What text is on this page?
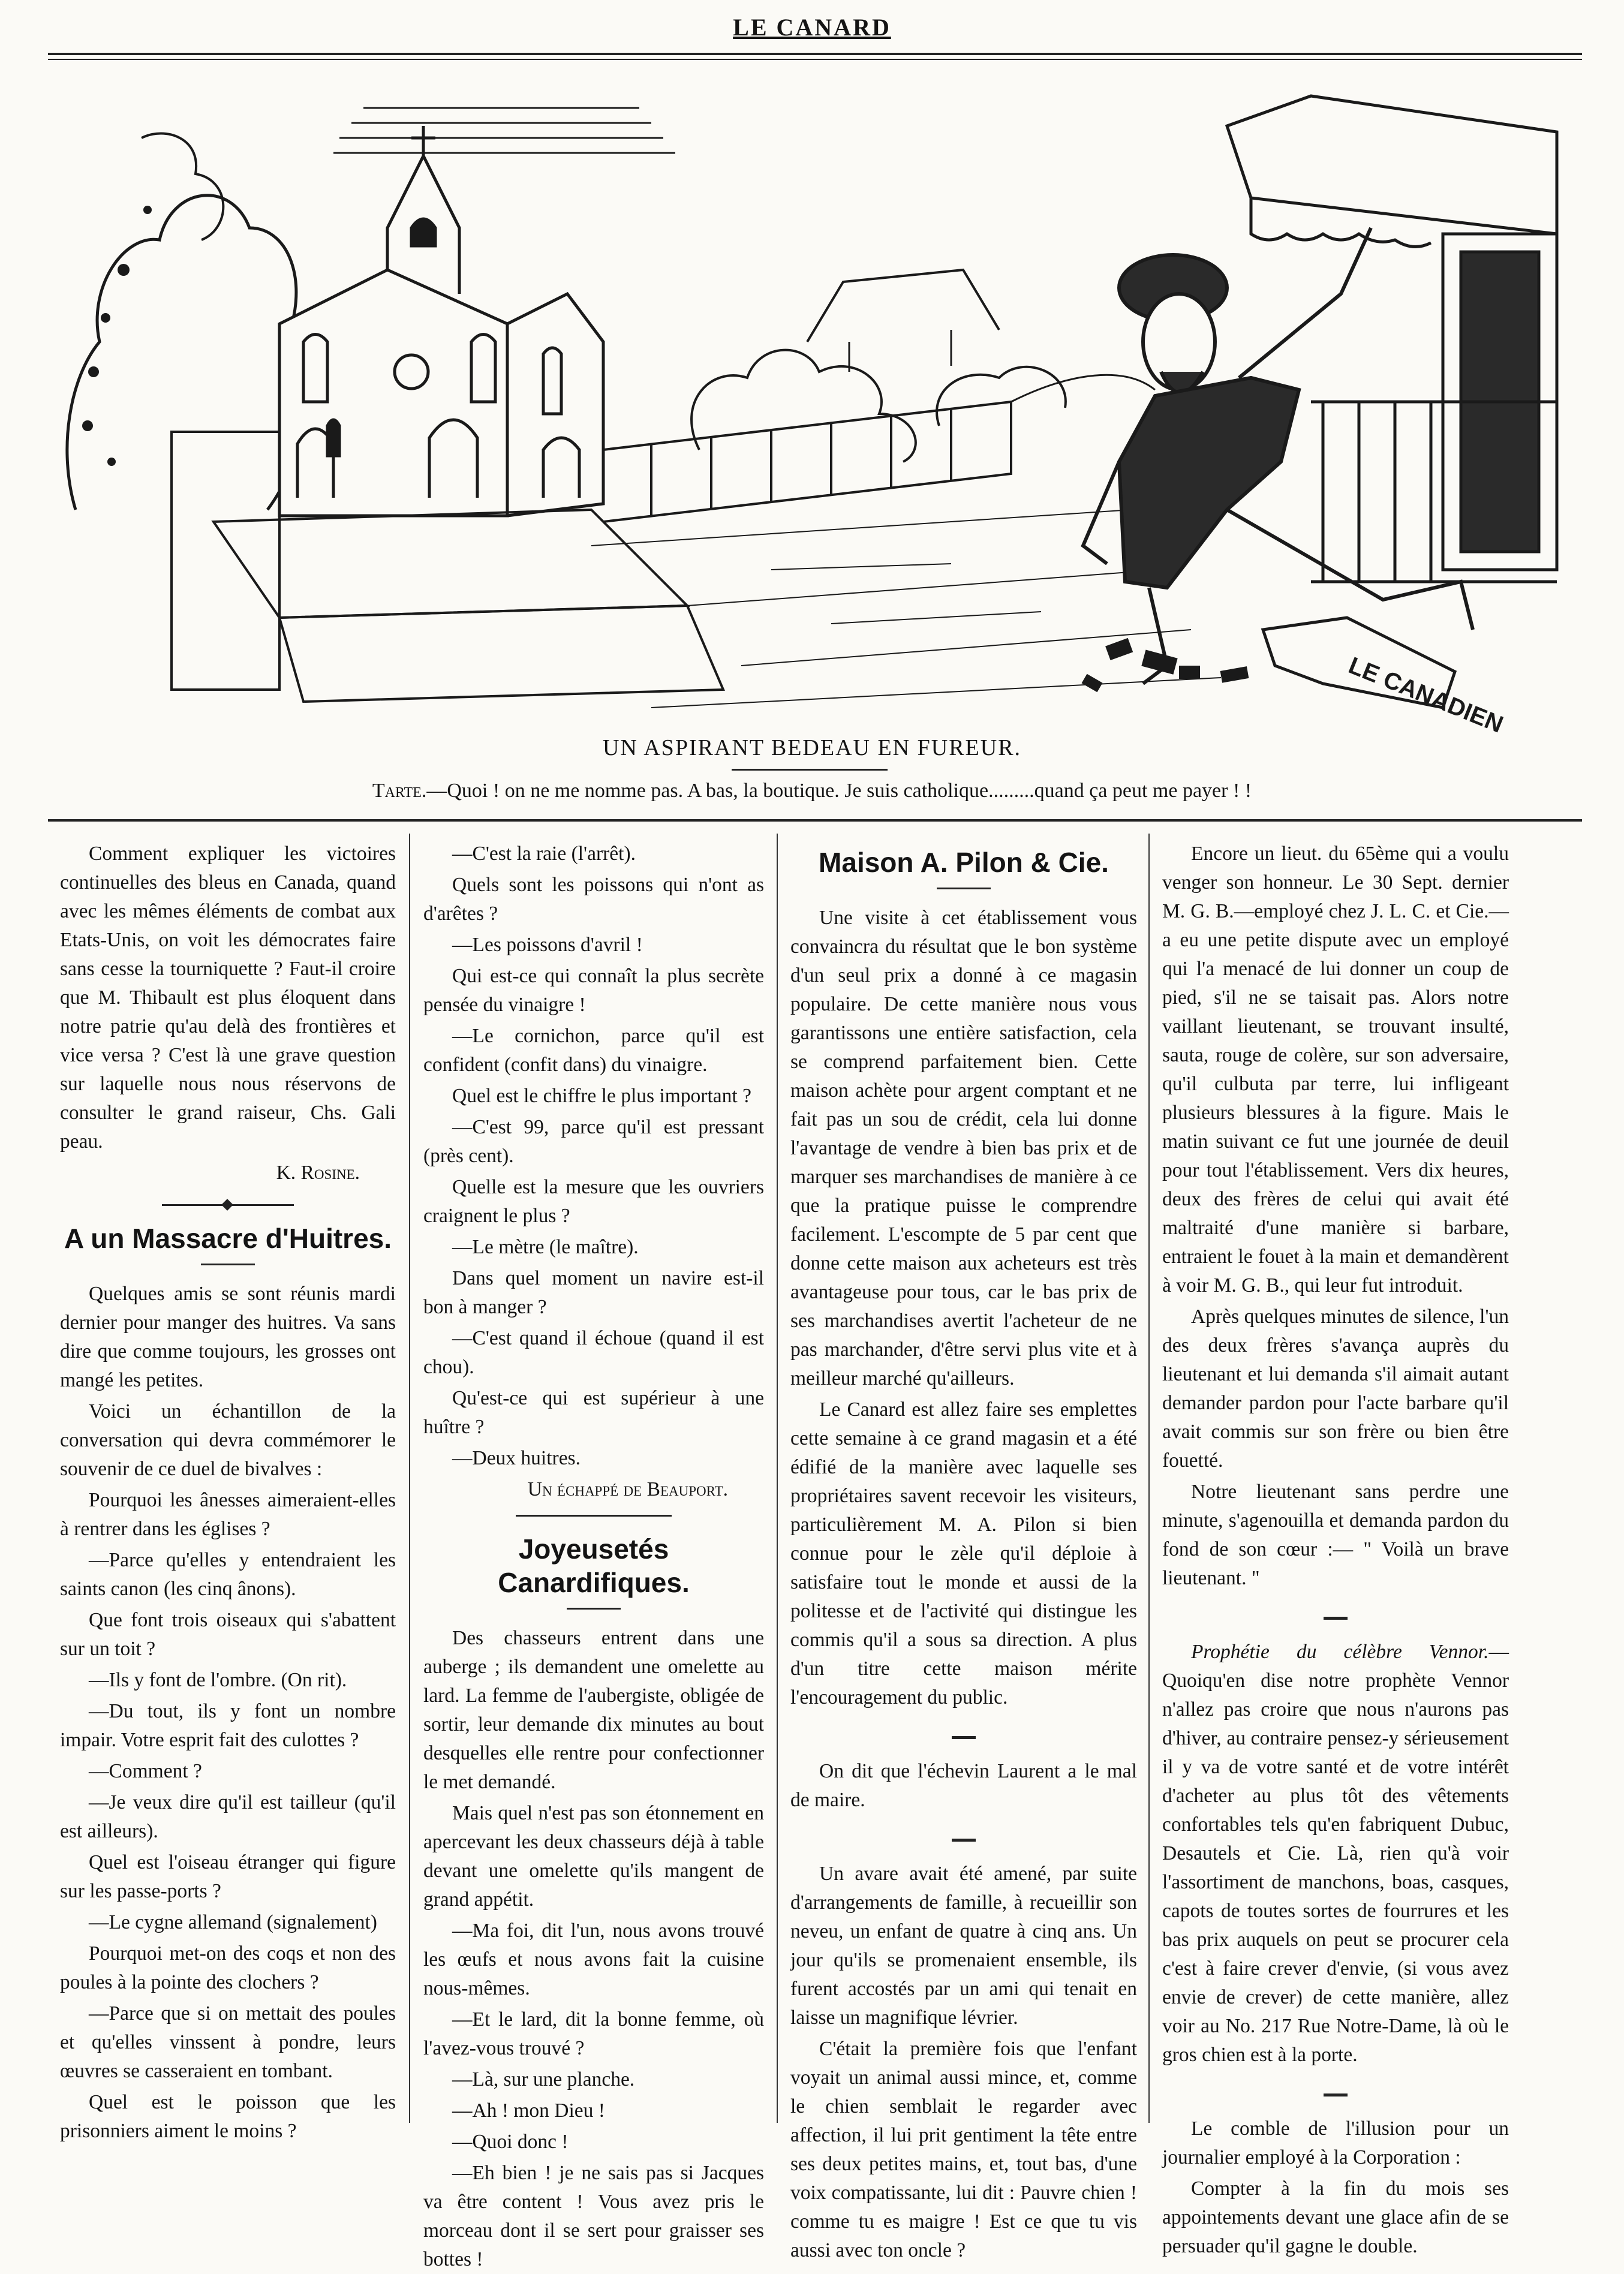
LE CANARD
LE CANADIEN
UN ASPIRANT BEDEAU EN FUREUR.
Tarte.—Quoi ! on ne me nomme pas. A bas, la boutique. Je suis catholique.........quand ça peut me payer ! !

Comment expliquer les victoires continuelles des bleus en Canada, quand avec les mêmes éléments de combat aux Etats-Unis, on voit les démocrates faire sans cesse la tourniquette ? Faut-il croire que M. Thibault est plus éloquent dans notre patrie qu'au delà des frontières et vice versa ? C'est là une grave question sur laquelle nous nous réservons de consulter le grand raiseur, Chs. Gali peau.

K. Rosine.

A un Massacre d'Huitres.

Quelques amis se sont réunis mardi dernier pour manger des huitres. Va sans dire que comme toujours, les grosses ont mangé les petites.

Voici un échantillon de la conversation qui devra commémorer le souvenir de ce duel de bivalves :

Pourquoi les ânesses aimeraient-elles à rentrer dans les églises ?

—Parce qu'elles y entendraient les saints canon (les cinq ânons).

Que font trois oiseaux qui s'abattent sur un toit ?

—Ils y font de l'ombre. (On rit).

—Du tout, ils y font un nombre impair. Votre esprit fait des culottes ?

—Comment ?

—Je veux dire qu'il est tailleur (qu'il est ailleurs).

Quel est l'oiseau étranger qui figure sur les passe-ports ?

—Le cygne allemand (signalement)

Pourquoi met-on des coqs et non des poules à la pointe des clochers ?

—Parce que si on mettait des poules et qu'elles vinssent à pondre, leurs œuvres se casseraient en tombant.

Quel est le poisson que les prisonniers aiment le moins ?

—C'est la raie (l'arrêt).

Quels sont les poissons qui n'ont as d'arêtes ?

—Les poissons d'avril !

Qui est-ce qui connaît la plus secrète pensée du vinaigre !

—Le cornichon, parce qu'il est confident (confit dans) du vinaigre.

Quel est le chiffre le plus important ?

—C'est 99, parce qu'il est pressant (près cent).

Quelle est la mesure que les ouvriers craignent le plus ?

—Le mètre (le maître).

Dans quel moment un navire est-il bon à manger ?

—C'est quand il échoue (quand il est chou).

Qu'est-ce qui est supérieur à une huître ?

—Deux huitres.

Un échappé de Beauport.

Joyeusetés Canardifiques.

Des chasseurs entrent dans une auberge ; ils demandent une omelette au lard. La femme de l'aubergiste, obligée de sortir, leur demande dix minutes au bout desquelles elle rentre pour confectionner le met demandé.

Mais quel n'est pas son étonnement en apercevant les deux chasseurs déjà à table devant une omelette qu'ils mangent de grand appétit.

—Ma foi, dit l'un, nous avons trouvé les œufs et nous avons fait la cuisine nous-mêmes.

—Et le lard, dit la bonne femme, où l'avez-vous trouvé ?

—Là, sur une planche.

—Ah ! mon Dieu !

—Quoi donc !

—Eh bien ! je ne sais pas si Jacques va être content ! Vous avez pris le morceau dont il se sert pour graisser ses bottes !

Maison A. Pilon & Cie.

Une visite à cet établissement vous convaincra du résultat que le bon système d'un seul prix a donné à ce magasin populaire. De cette manière nous vous garantissons une entière satisfaction, cela se comprend parfaitement bien. Cette maison achète pour argent comptant et ne fait pas un sou de crédit, cela lui donne l'avantage de vendre à bien bas prix et de marquer ses marchandises de manière à ce que la pratique puisse le comprendre facilement. L'escompte de 5 par cent que donne cette maison aux acheteurs est très avantageuse pour tous, car le bas prix de ses marchandises avertit l'acheteur de ne pas marchander, d'être servi plus vite et à meilleur marché qu'ailleurs.

Le Canard est allez faire ses emplettes cette semaine à ce grand magasin et a été édifié de la manière avec laquelle ses propriétaires savent recevoir les visiteurs, particulièrement M. A. Pilon si bien connue pour le zèle qu'il déploie à satisfaire tout le monde et aussi de la politesse et de l'activité qui distingue les commis qu'il a sous sa direction. A plus d'un titre cette maison mérite l'encouragement du public.

On dit que l'échevin Laurent a le mal de maire.

Un avare avait été amené, par suite d'arrangements de famille, à recueillir son neveu, un enfant de quatre à cinq ans. Un jour qu'ils se promenaient ensemble, ils furent accostés par un ami qui tenait en laisse un magnifique lévrier.

C'était la première fois que l'enfant voyait un animal aussi mince, et, comme le chien semblait le regarder avec affection, il lui prit gentiment la tête entre ses deux petites mains, et, tout bas, d'une voix compatissante, lui dit : Pauvre chien ! comme tu es maigre ! Est ce que tu vis aussi avec ton oncle ?

Encore un lieut. du 65ème qui a voulu venger son honneur. Le 30 Sept. dernier M. G. B.—employé chez J. L. C. et Cie.—a eu une petite dispute avec un employé qui l'a menacé de lui donner un coup de pied, s'il ne se taisait pas. Alors notre vaillant lieutenant, se trouvant insulté, sauta, rouge de colère, sur son adversaire, qu'il culbuta par terre, lui infligeant plusieurs blessures à la figure. Mais le matin suivant ce fut une journée de deuil pour tout l'établissement. Vers dix heures, deux des frères de celui qui avait été maltraité d'une manière si barbare, entraient le fouet à la main et demandèrent à voir M. G. B., qui leur fut introduit.

Après quelques minutes de silence, l'un des deux frères s'avança auprès du lieutenant et lui demanda s'il aimait autant demander pardon pour l'acte barbare qu'il avait commis sur son frère ou bien être fouetté.

Notre lieutenant sans perdre une minute, s'agenouilla et demanda pardon du fond de son cœur :— " Voilà un brave lieutenant. "

Prophétie du célèbre Vennor.—Quoiqu'en dise notre prophète Vennor n'allez pas croire que nous n'aurons pas d'hiver, au contraire pensez-y sérieusement il y va de votre santé et de votre intérêt d'acheter au plus tôt des vêtements confortables tels qu'en fabriquent Dubuc, Desautels et Cie. Là, rien qu'à voir l'assortiment de manchons, boas, casques, capots de toutes sortes de fourrures et les bas prix auquels on peut se procurer cela c'est à faire crever d'envie, (si vous avez envie de crever) de cette manière, allez voir au No. 217 Rue Notre-Dame, là où le gros chien est à la porte.

Le comble de l'illusion pour un journalier employé à la Corporation :

Compter à la fin du mois ses appointements devant une glace afin de se persuader qu'il gagne le double.
